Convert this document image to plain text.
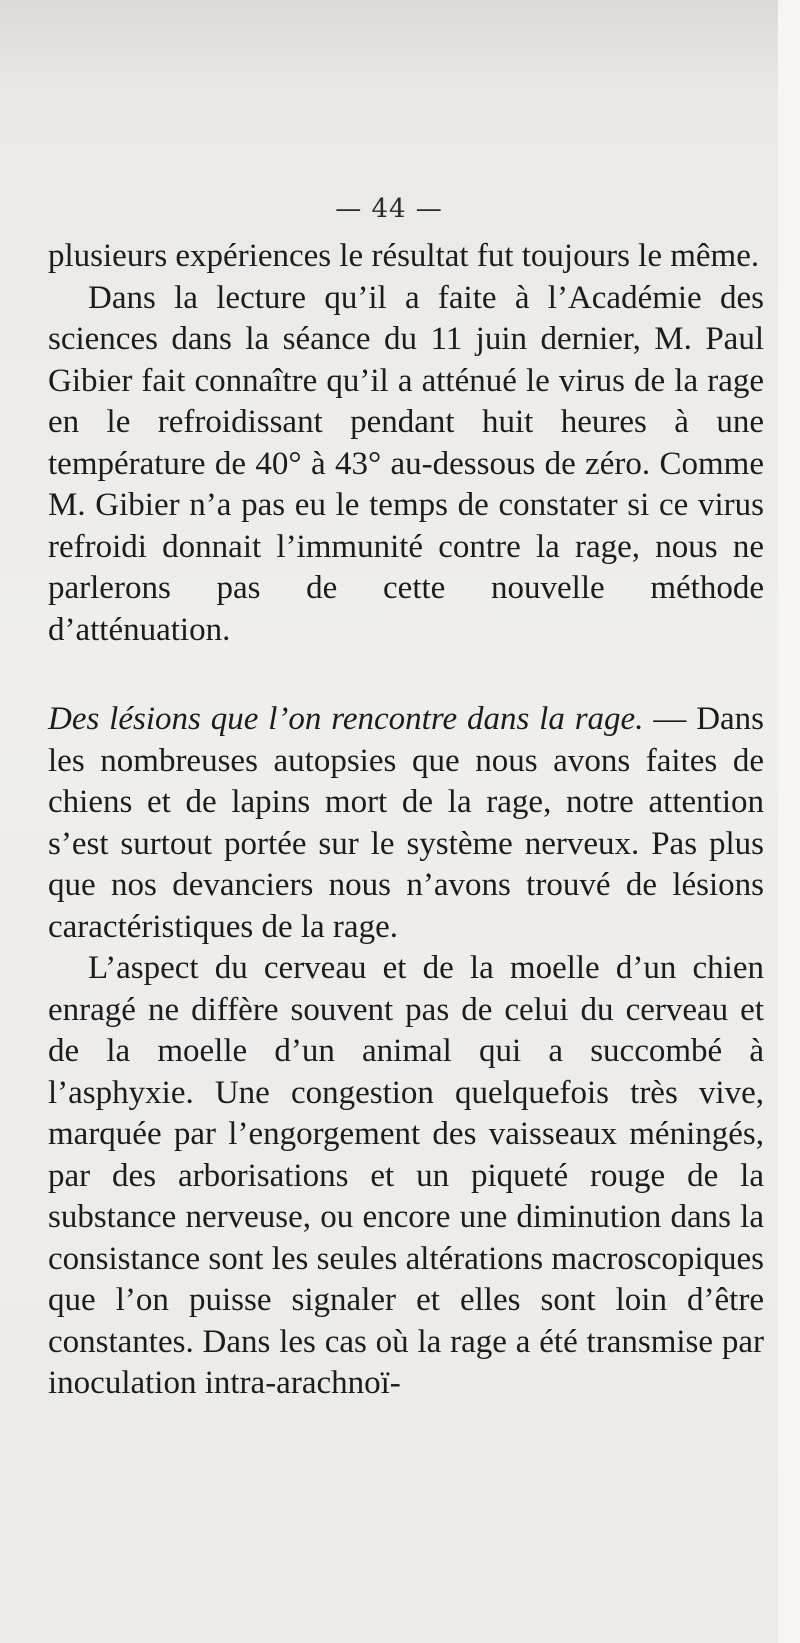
— 44 —

plusieurs expériences le résultat fut toujours le même.

Dans la lecture qu’il a faite à l’Académie des sciences dans la séance du 11 juin dernier, M. Paul Gibier fait connaître qu’il a atténué le virus de la rage en le refroidissant pendant huit heures à une température de 40° à 43° au-dessous de zéro. Comme M. Gibier n’a pas eu le temps de constater si ce virus refroidi donnait l’immunité contre la rage, nous ne parlerons pas de cette nouvelle méthode d’atténuation.

Des lésions que l’on rencontre dans la rage. — Dans les nombreuses autopsies que nous avons faites de chiens et de lapins mort de la rage, notre attention s’est surtout portée sur le système nerveux. Pas plus que nos devanciers nous n’avons trouvé de lésions caractéristiques de la rage.

L’aspect du cerveau et de la moelle d’un chien enragé ne diffère souvent pas de celui du cerveau et de la moelle d’un animal qui a succombé à l’asphyxie. Une congestion quelquefois très vive, marquée par l’engorgement des vaisseaux méningés, par des arborisations et un piqueté rouge de la substance nerveuse, ou encore une diminution dans la consistance sont les seules altérations macroscopiques que l’on puisse signaler et elles sont loin d’être constantes. Dans les cas où la rage a été transmise par inoculation intra-arachnoï-
